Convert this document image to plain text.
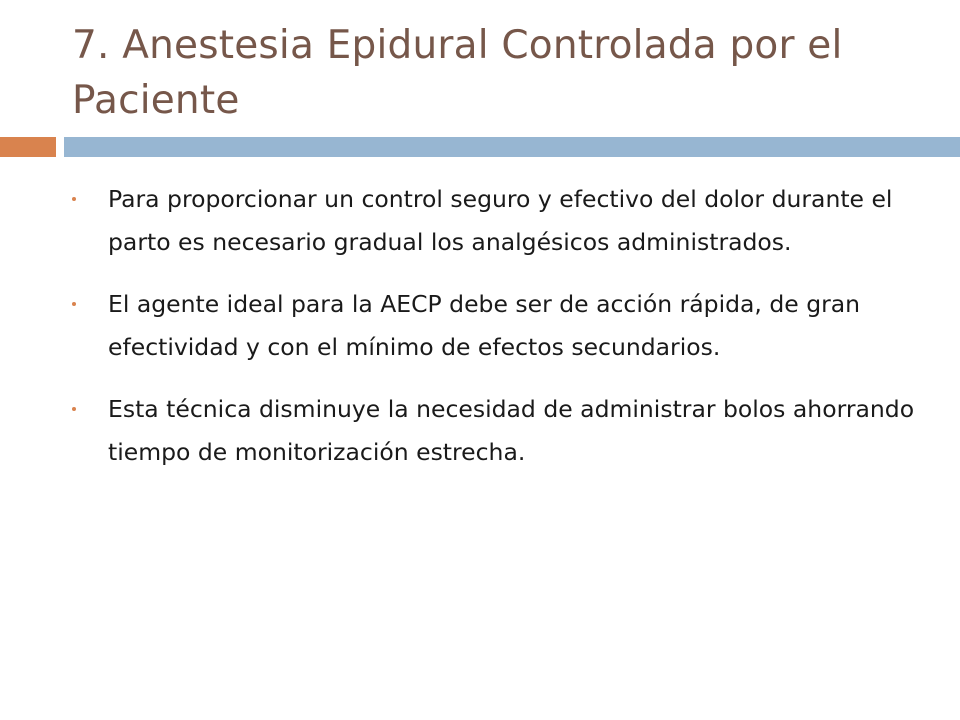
7. Anestesia Epidural Controlada por el Paciente
Para proporcionar un control seguro y efectivo del dolor durante el parto es necesario gradual los analgésicos administrados.
El agente ideal para la AECP debe ser de acción rápida, de gran efectividad y con el mínimo de efectos secundarios.
Esta técnica disminuye la necesidad de administrar bolos ahorrando tiempo de monitorización estrecha.
